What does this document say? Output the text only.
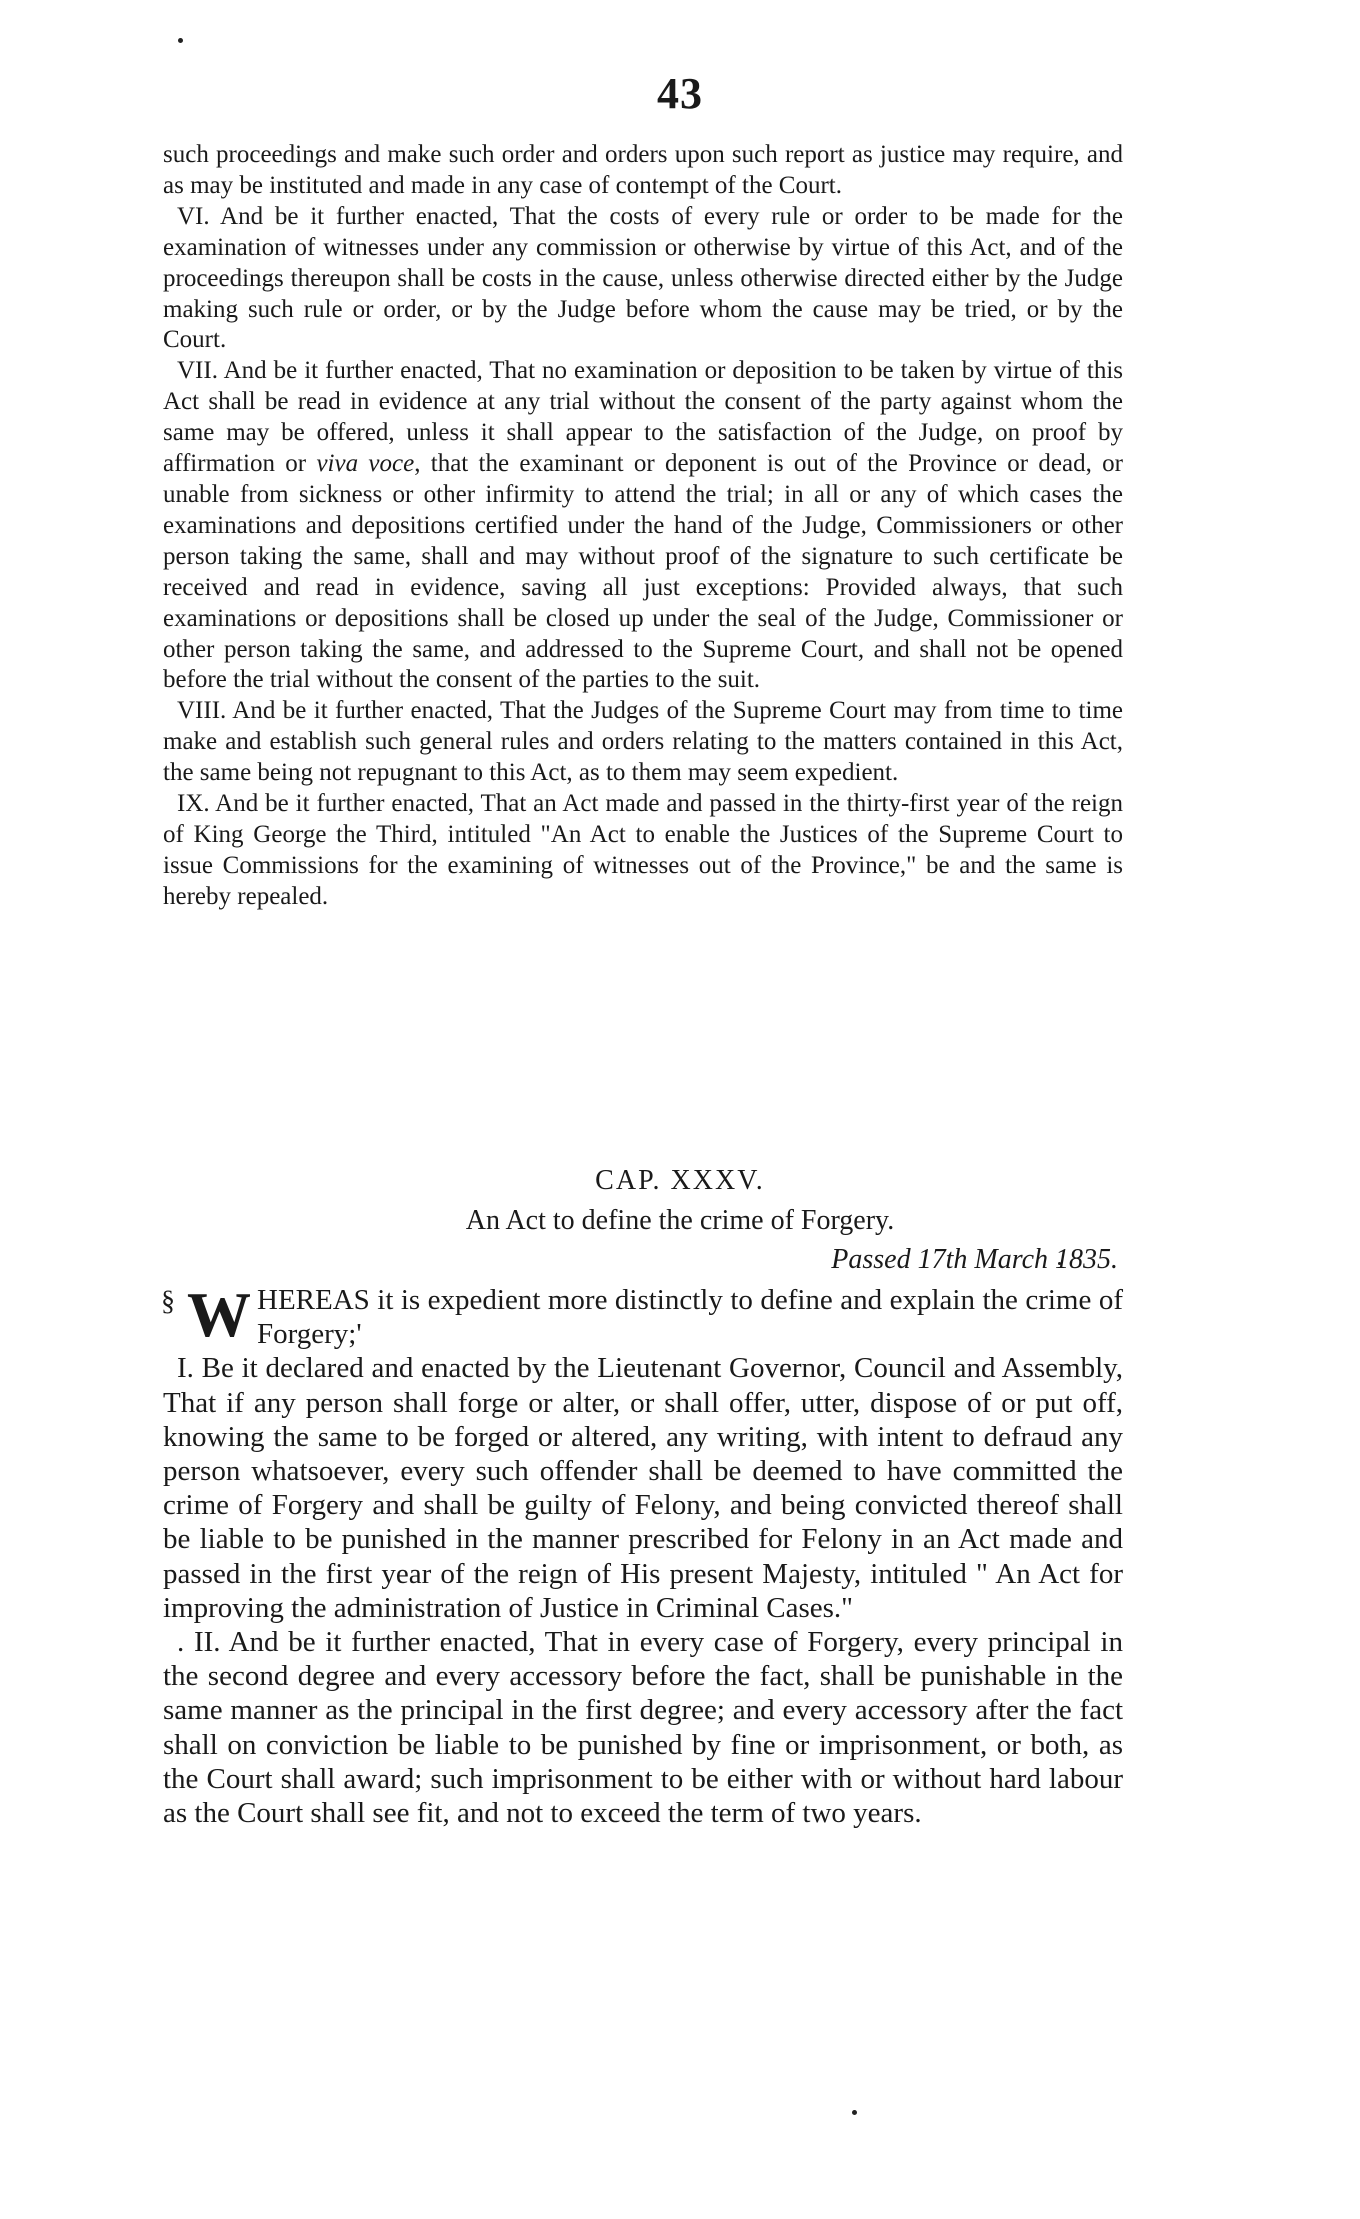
43

such proceedings and make such order and orders upon such report as justice may require, and as may be instituted and made in any case of contempt of the Court.

VI. And be it further enacted, That the costs of every rule or order to be made for the examination of witnesses under any commission or otherwise by virtue of this Act, and of the proceedings thereupon shall be costs in the cause, unless otherwise directed either by the Judge making such rule or order, or by the Judge before whom the cause may be tried, or by the Court.

VII. And be it further enacted, That no examination or deposition to be taken by virtue of this Act shall be read in evidence at any trial without the consent of the party against whom the same may be offered, unless it shall appear to the satisfaction of the Judge, on proof by affirmation or viva voce, that the examinant or deponent is out of the Province or dead, or unable from sickness or other infirmity to attend the trial; in all or any of which cases the examinations and depositions certified under the hand of the Judge, Commissioners or other person taking the same, shall and may without proof of the signature to such certificate be received and read in evidence, saving all just exceptions: Provided always, that such examinations or depositions shall be closed up under the seal of the Judge, Commissioner or other person taking the same, and addressed to the Supreme Court, and shall not be opened before the trial without the consent of the parties to the suit.

VIII. And be it further enacted, That the Judges of the Supreme Court may from time to time make and establish such general rules and orders relating to the matters contained in this Act, the same being not repugnant to this Act, as to them may seem expedient.

IX. And be it further enacted, That an Act made and passed in the thirty-first year of the reign of King George the Third, intituled "An Act to enable the Justices of the Supreme Court to issue Commissions for the examining of witnesses out of the Province," be and the same is hereby repealed.

CAP. XXXV.
An Act to define the crime of Forgery.
Passed 17th March 1835.

§ W HEREAS it is expedient more distinctly to define and explain the crime of Forgery;'

I. Be it declared and enacted by the Lieutenant Governor, Council and Assembly, That if any person shall forge or alter, or shall offer, utter, dispose of or put off, knowing the same to be forged or altered, any writing, with intent to defraud any person whatsoever, every such offender shall be deemed to have committed the crime of Forgery and shall be guilty of Felony, and being convicted thereof shall be liable to be punished in the manner prescribed for Felony in an Act made and passed in the first year of the reign of His present Majesty, intituled " An Act for improving the administration of Justice in Criminal Cases."

. II. And be it further enacted, That in every case of Forgery, every principal in the second degree and every accessory before the fact, shall be punishable in the same manner as the principal in the first degree; and every accessory after the fact shall on conviction be liable to be punished by fine or imprisonment, or both, as the Court shall award; such imprisonment to be either with or without hard labour as the Court shall see fit, and not to exceed the term of two years.
